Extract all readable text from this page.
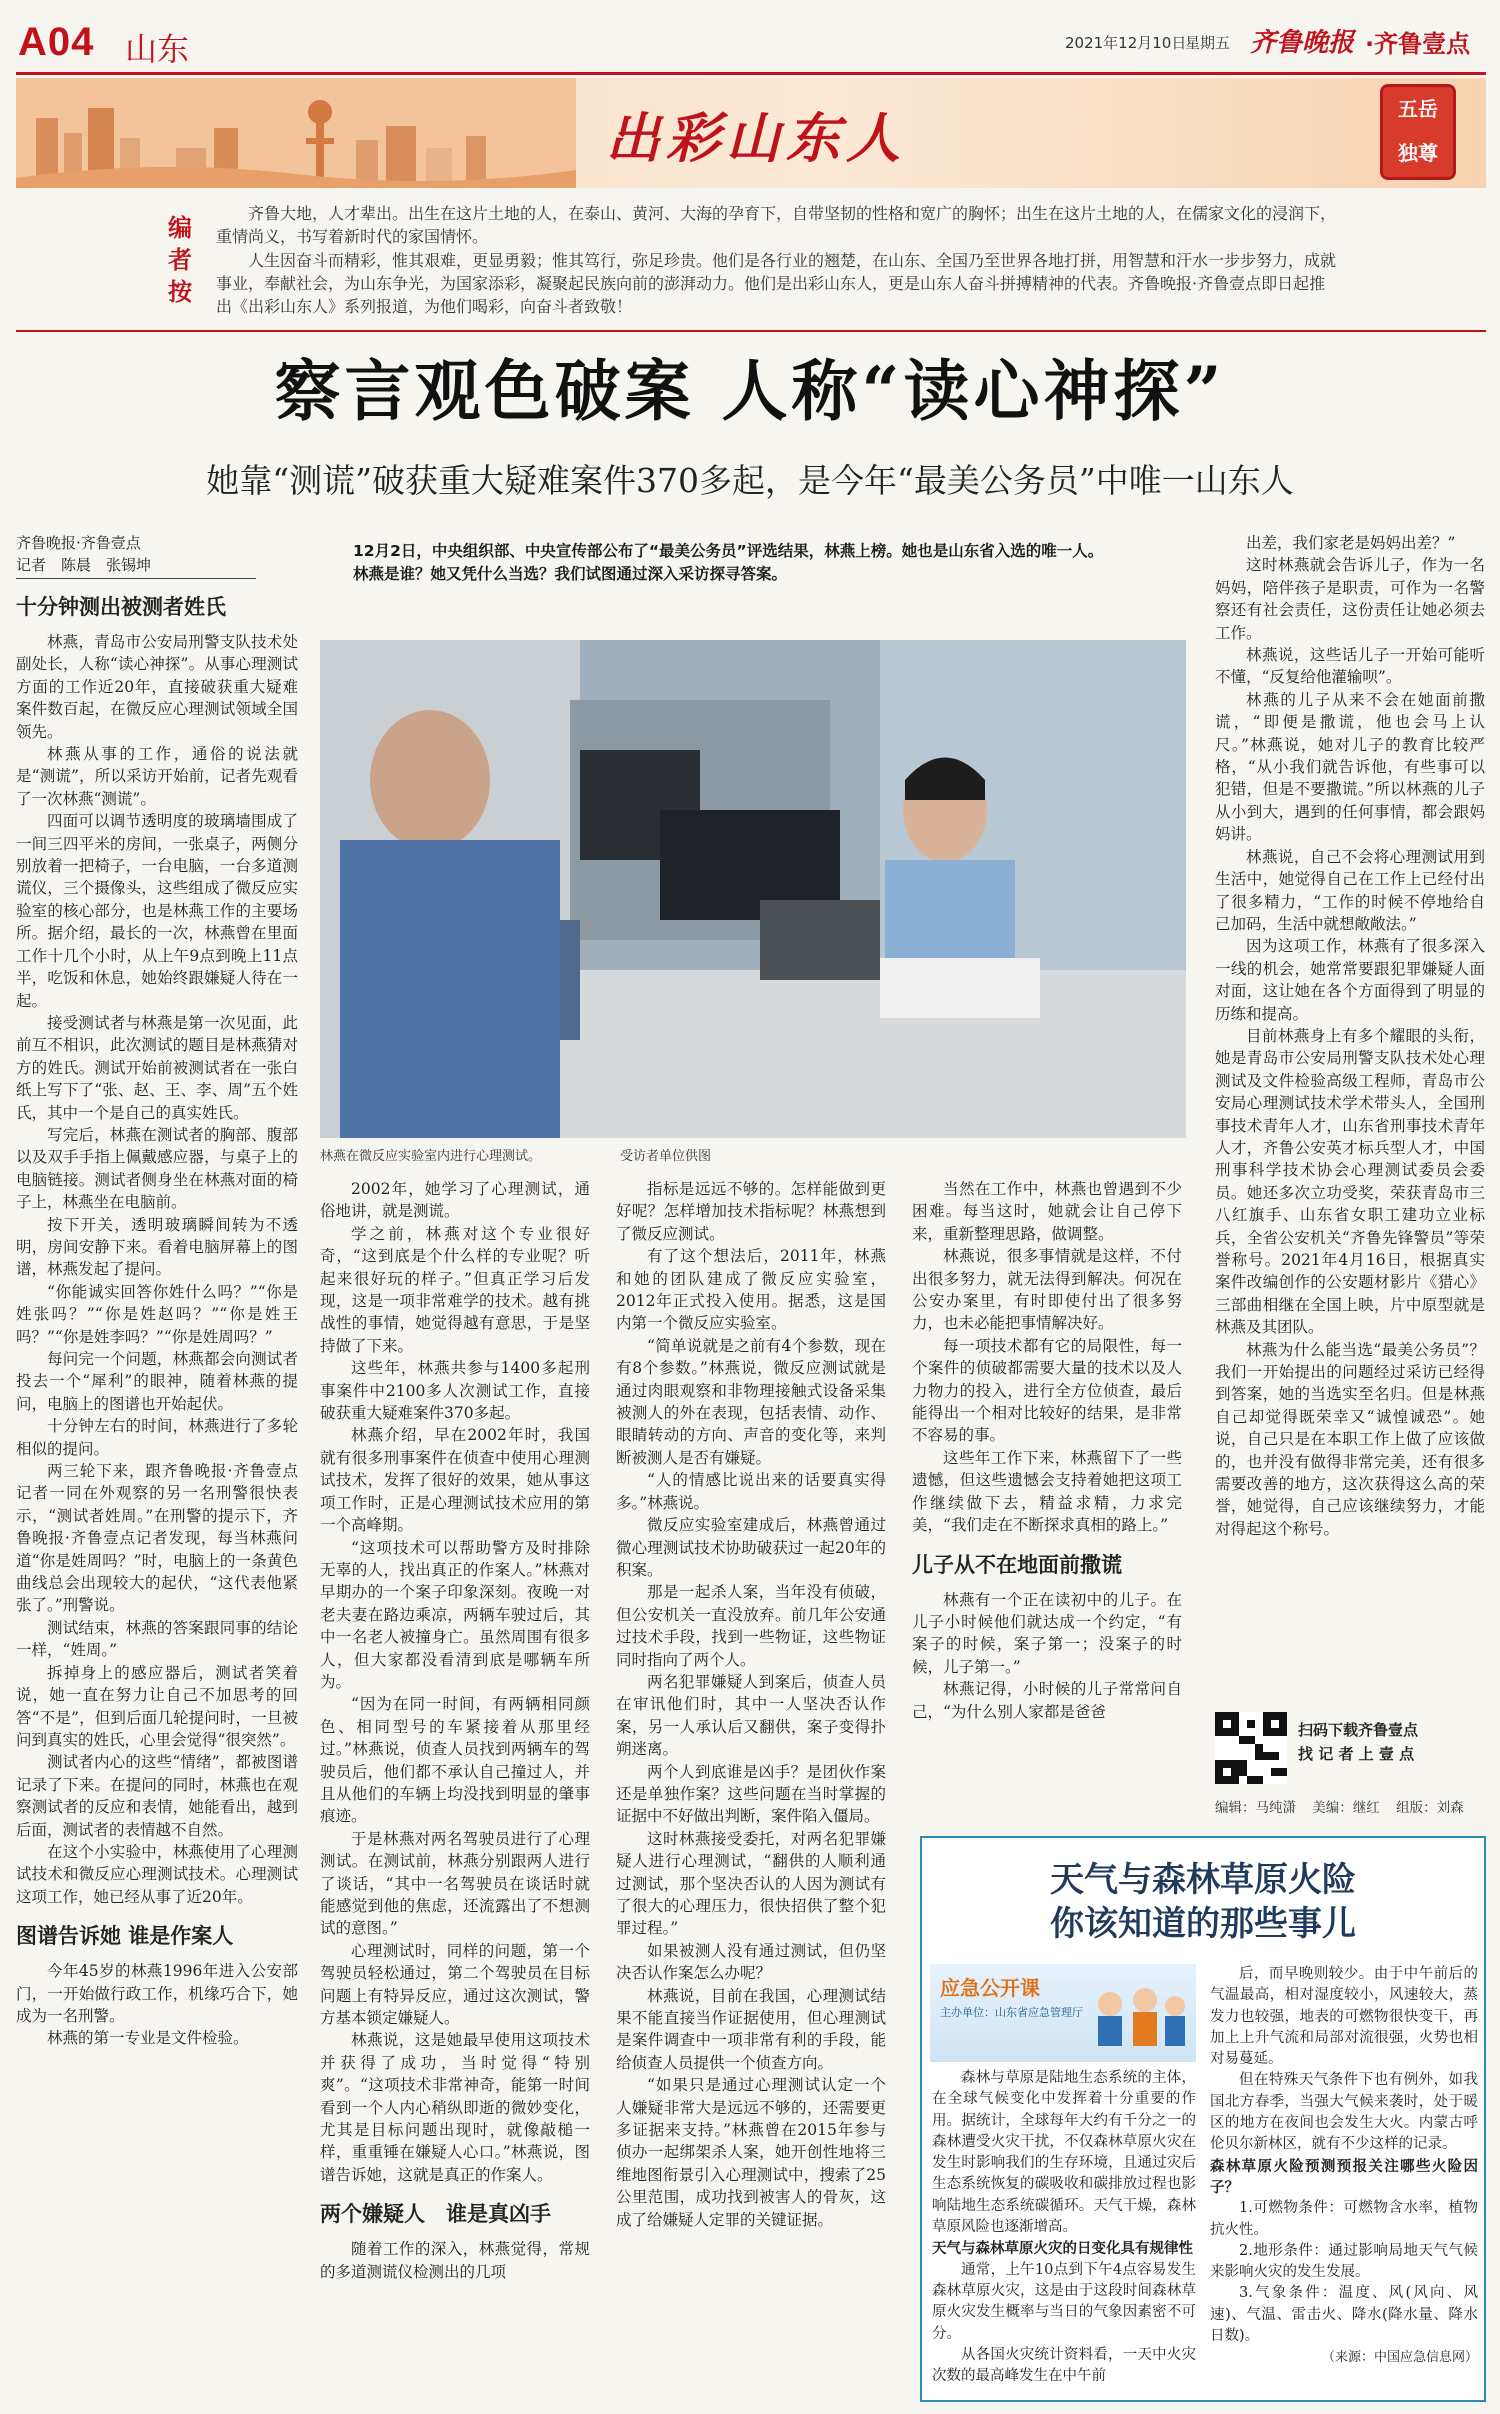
A04 山东	2021年12月10日
星期五 齐鲁晚报 ·齐鲁壹点
出彩山东人	五岳
独尊
编者按

齐鲁大地，人才辈出。出生在这片土地的人，在泰山、黄河、大海的孕育下，自带坚韧的性格和宽广的胸怀；出生在这片土地的人，在儒家文化的浸润下，重情尚义，书写着新时代的家国情怀。

人生因奋斗而精彩，惟其艰难，更显勇毅；惟其笃行，弥足珍贵。他们是各行业的翘楚，在山东、全国乃至世界各地打拼，用智慧和汗水一步步努力，成就事业，奉献社会，为山东争光，为国家添彩，凝聚起民族向前的澎湃动力。他们是出彩山东人，更是山东人奋斗拼搏精神的代表。齐鲁晚报·齐鲁壹点即日起推出《出彩山东人》系列报道，为他们喝彩，向奋斗者致敬！

察言观色破案 人称“读心神探”
她靠“测谎”破获重大疑难案件370多起，是今年“最美公务员”中唯一山东人
齐鲁晚报·齐鲁壹点
记者　陈晨　张锡坤

十分钟测出被测者姓氏

林燕，青岛市公安局刑警支队技术处副处长，人称“读心神探”。从事心理测试方面的工作近20年，直接破获重大疑难案件数百起，在微反应心理测试领域全国领先。

林燕从事的工作，通俗的说法就是“测谎”，所以采访开始前，记者先观看了一次林燕“测谎”。

四面可以调节透明度的玻璃墙围成了一间三四平米的房间，一张桌子，两侧分别放着一把椅子，一台电脑，一台多道测谎仪，三个摄像头，这些组成了微反应实验室的核心部分，也是林燕工作的主要场所。据介绍，最长的一次，林燕曾在里面工作十几个小时，从上午9点到晚上11点半，吃饭和休息，她始终跟嫌疑人待在一起。

接受测试者与林燕是第一次见面，此前互不相识，此次测试的题目是林燕猜对方的姓氏。测试开始前被测试者在一张白纸上写下了“张、赵、王、李、周”五个姓氏，其中一个是自己的真实姓氏。

写完后，林燕在测试者的胸部、腹部以及双手手指上佩戴感应器，与桌子上的电脑链接。测试者侧身坐在林燕对面的椅子上，林燕坐在电脑前。

按下开关，透明玻璃瞬间转为不透明，房间安静下来。看着电脑屏幕上的图谱，林燕发起了提问。

“你能诚实回答你姓什么吗？”“你是姓张吗？”“你是姓赵吗？”“你是姓王吗？”“你是姓李吗？”“你是姓周吗？”

每问完一个问题，林燕都会向测试者投去一个“犀利”的眼神，随着林燕的提问，电脑上的图谱也开始起伏。

十分钟左右的时间，林燕进行了多轮相似的提问。

两三轮下来，跟齐鲁晚报·齐鲁壹点记者一同在外观察的另一名刑警很快表示，“测试者姓周。”在刑警的提示下，齐鲁晚报·齐鲁壹点记者发现，每当林燕问道“你是姓周吗？”时，电脑上的一条黄色曲线总会出现较大的起伏，“这代表他紧张了。”刑警说。

测试结束，林燕的答案跟同事的结论一样，“姓周。”

拆掉身上的感应器后，测试者笑着说，她一直在努力让自己不加思考的回答“不是”，但到后面几轮提问时，一旦被问到真实的姓氏，心里会觉得“很突然”。

测试者内心的这些“情绪”，都被图谱记录了下来。在提问的同时，林燕也在观察测试者的反应和表情，她能看出，越到后面，测试者的表情越不自然。

在这个小实验中，林燕使用了心理测试技术和微反应心理测试技术。心理测试这项工作，她已经从事了近20年。

图谱告诉她 谁是作案人

今年45岁的林燕1996年进入公安部门，一开始做行政工作，机缘巧合下，她成为一名刑警。

林燕的第一专业是文件检验。

12月2日，中央组织部、中央宣传部公布了“最美公务员”评选结果，林燕上榜。她也是山东省入选的唯一人。

林燕是谁？她又凭什么当选？我们试图通过深入采访探寻答案。

林燕在微反应实验室内进行心理测试。	受访者单位供图

2002年，她学习了心理测试，通俗地讲，就是测谎。

学之前，林燕对这个专业很好奇，“这到底是个什么样的专业呢？听起来很好玩的样子。”但真正学习后发现，这是一项非常难学的技术。越有挑战性的事情，她觉得越有意思，于是坚持做了下来。

这些年，林燕共参与1400多起刑事案件中2100多人次测试工作，直接破获重大疑难案件370多起。

林燕介绍，早在2002年时，我国就有很多刑事案件在侦查中使用心理测试技术，发挥了很好的效果，她从事这项工作时，正是心理测试技术应用的第一个高峰期。

“这项技术可以帮助警方及时排除无辜的人，找出真正的作案人。”林燕对早期办的一个案子印象深刻。夜晚一对老夫妻在路边乘凉，两辆车驶过后，其中一名老人被撞身亡。虽然周围有很多人，但大家都没看清到底是哪辆车所为。

“因为在同一时间，有两辆相同颜色、相同型号的车紧接着从那里经过。”林燕说，侦查人员找到两辆车的驾驶员后，他们都不承认自己撞过人，并且从他们的车辆上均没找到明显的肇事痕迹。

于是林燕对两名驾驶员进行了心理测试。在测试前，林燕分别跟两人进行了谈话，“其中一名驾驶员在谈话时就能感觉到他的焦虑，还流露出了不想测试的意图。”

心理测试时，同样的问题，第一个驾驶员轻松通过，第二个驾驶员在目标问题上有特异反应，通过这次测试，警方基本锁定嫌疑人。

林燕说，这是她最早使用这项技术并获得了成功，当时觉得“特别爽”。“这项技术非常神奇，能第一时间看到一个人内心稍纵即逝的微妙变化，尤其是目标问题出现时，就像敲槌一样，重重锤在嫌疑人心口。”林燕说，图谱告诉她，这就是真正的作案人。

两个嫌疑人　谁是真凶手

随着工作的深入，林燕觉得，常规的多道测谎仪检测出的几项

指标是远远不够的。怎样能做到更好呢？怎样增加技术指标呢？林燕想到了微反应测试。

有了这个想法后，2011年，林燕和她的团队建成了微反应实验室，2012年正式投入使用。据悉，这是国内第一个微反应实验室。

“简单说就是之前有4个参数，现在有8个参数。”林燕说，微反应测试就是通过肉眼观察和非物理接触式设备采集被测人的外在表现，包括表情、动作、眼睛转动的方向、声音的变化等，来判断被测人是否有嫌疑。

“人的情感比说出来的话要真实得多。”林燕说。

微反应实验室建成后，林燕曾通过微心理测试技术协助破获过一起20年的积案。

那是一起杀人案，当年没有侦破，但公安机关一直没放弃。前几年公安通过技术手段，找到一些物证，这些物证同时指向了两个人。

两名犯罪嫌疑人到案后，侦查人员在审讯他们时，其中一人坚决否认作案，另一人承认后又翻供，案子变得扑朔迷离。

两个人到底谁是凶手？是团伙作案还是单独作案？这些问题在当时掌握的证据中不好做出判断，案件陷入僵局。

这时林燕接受委托，对两名犯罪嫌疑人进行心理测试，“翻供的人顺利通过测试，那个坚决否认的人因为测试有了很大的心理压力，很快招供了整个犯罪过程。”

如果被测人没有通过测试，但仍坚决否认作案怎么办呢？

林燕说，目前在我国，心理测试结果不能直接当作证据使用，但心理测试是案件调查中一项非常有利的手段，能给侦查人员提供一个侦查方向。

“如果只是通过心理测试认定一个人嫌疑非常大是远远不够的，还需要更多证据来支持。”林燕曾在2015年参与侦办一起绑架杀人案，她开创性地将三维地图衔景引入心理测试中，搜索了25公里范围，成功找到被害人的骨灰，这成了给嫌疑人定罪的关键证据。

当然在工作中，林燕也曾遇到不少困难。每当这时，她就会让自己停下来，重新整理思路，做调整。

林燕说，很多事情就是这样，不付出很多努力，就无法得到解决。何况在公安办案里，有时即使付出了很多努力，也未必能把事情解决好。

每一项技术都有它的局限性，每一个案件的侦破都需要大量的技术以及人力物力的投入，进行全方位侦查，最后能得出一个相对比较好的结果，是非常不容易的事。

这些年工作下来，林燕留下了一些遗憾，但这些遗憾会支持着她把这项工作继续做下去，精益求精，力求完美，“我们走在不断探求真相的路上。”

儿子从不在地面前撒谎

林燕有一个正在读初中的儿子。在儿子小时候他们就达成一个约定，“有案子的时候，案子第一；没案子的时候，儿子第一。”

林燕记得，小时候的儿子常常问自己，“为什么别人家都是爸爸

出差，我们家老是妈妈出差？”

这时林燕就会告诉儿子，作为一名妈妈，陪伴孩子是职责，可作为一名警察还有社会责任，这份责任让她必须去工作。

林燕说，这些话儿子一开始可能听不懂，“反复给他灌输呗”。

林燕的儿子从来不会在她面前撒谎，“即便是撒谎，他也会马上认尺。”林燕说，她对儿子的教育比较严格，“从小我们就告诉他，有些事可以犯错，但是不要撒谎。”所以林燕的儿子从小到大，遇到的任何事情，都会跟妈妈讲。

林燕说，自己不会将心理测试用到生活中，她觉得自己在工作上已经付出了很多精力，“工作的时候不停地给自己加码，生活中就想敞敞法。”

因为这项工作，林燕有了很多深入一线的机会，她常常要跟犯罪嫌疑人面对面，这让她在各个方面得到了明显的历练和提高。

目前林燕身上有多个耀眼的头衔，她是青岛市公安局刑警支队技术处心理测试及文件检验高级工程师，青岛市公安局心理测试技术学术带头人，全国刑事技术青年人才，山东省刑事技术青年人才，齐鲁公安英才标兵型人才，中国刑事科学技术协会心理测试委员会委员。她还多次立功受奖，荣获青岛市三八红旗手、山东省女职工建功立业标兵，全省公安机关“齐鲁先锋警员”等荣誉称号。2021年4月16日，根据真实案件改编创作的公安题材影片《猎心》三部曲相继在全国上映，片中原型就是林燕及其团队。

林燕为什么能当选“最美公务员”？我们一开始提出的问题经过采访已经得到答案，她的当选实至名归。但是林燕自己却觉得既荣幸又“诚惶诚恐”。她说，自己只是在本职工作上做了应该做的，也并没有做得非常完美，还有很多需要改善的地方，这次获得这么高的荣誉，她觉得，自己应该继续努力，才能对得起这个称号。

扫码下载齐鲁壹点
找 记 者 上 壹 点
编辑：马纯潇 美编：继红 组版：刘森
天气与森林草原火险
你该知道的那些事儿
应急公开课
主办单位：山东省应急管理厅

森林与草原是陆地生态系统的主体，在全球气候变化中发挥着十分重要的作用。据统计，全球每年大约有千分之一的森林遭受火灾干扰，不仅森林草原火灾在发生时影响我们的生存环境，且通过灾后生态系统恢复的碳吸收和碳排放过程也影响陆地生态系统碳循环。天气干燥，森林草原风险也逐渐增高。

天气与森林草原火灾的日变化具有规律性

通常，上午10点到下午4点容易发生森林草原火灾，这是由于这段时间森林草原火灾发生概率与当日的气象因素密不可分。

从各国火灾统计资料看，一天中火灾次数的最高峰发生在中午前

后，而早晚则较少。由于中午前后的气温最高，相对湿度较小，风速较大，蒸发力也较强，地表的可燃物很快变干，再加上上升气流和局部对流很强，火势也相对易蔓延。

但在特殊天气条件下也有例外，如我国北方春季，当强大气候来袭时，处于暖区的地方在夜间也会发生大火。内蒙古呼伦贝尔新林区，就有不少这样的记录。

森林草原火险预测预报关注哪些火险因子？

1.可燃物条件：可燃物含水率，植物抗火性。

2.地形条件：通过影响局地天气气候来影响火灾的发生发展。

3.气象条件：温度、风(风向、风速)、气温、雷击火、降水(降水量、降水日数)。

（来源：中国应急信息网）
